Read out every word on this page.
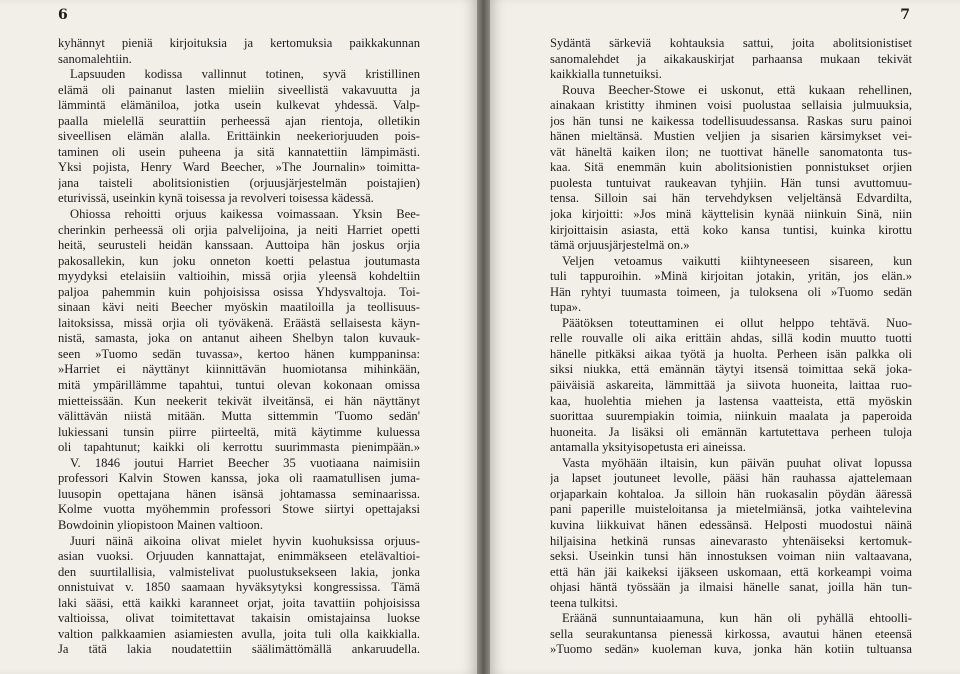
6
kyhännyt pieniä kirjoituksia ja kertomuksia paikkakunnan
sanomalehtiin.
Lapsuuden kodissa vallinnut totinen, syvä kristillinen
elämä oli painanut lasten mieliin siveellistä vakavuutta ja
lämmintä elämäniloa, jotka usein kulkevat yhdessä. Valp-
paalla mielellä seurattiin perheessä ajan rientoja, olletikin
siveellisen elämän alalla. Erittäinkin neekeriorjuuden pois-
taminen oli usein puheena ja sitä kannatettiin lämpimästi.
Yksi pojista, Henry Ward Beecher, »The Journalin» toimitta-
jana taisteli abolitsionistien (orjuusjärjestelmän poistajien)
eturivissä, useinkin kynä toisessa ja revolveri toisessa kädessä.
Ohiossa rehoitti orjuus kaikessa voimassaan. Yksin Bee-
cherinkin perheessä oli orjia palvelijoina, ja neiti Harriet opetti
heitä, seurusteli heidän kanssaan. Auttoipa hän joskus orjia
pakosallekin, kun joku onneton koetti pelastua joutumasta
myydyksi etelaisiin valtioihin, missä orjia yleensä kohdeltiin
paljoa pahemmin kuin pohjoisissa osissa Yhdysvaltoja. Toi-
sinaan kävi neiti Beecher myöskin maatiloilla ja teollisuus-
laitoksissa, missä orjia oli työväkenä. Eräästä sellaisesta käyn-
nistä, samasta, joka on antanut aiheen Shelbyn talon kuvauk-
seen »Tuomo sedän tuvassa», kertoo hänen kumppaninsa:
»Harriet ei näyttänyt kiinnittävän huomiotansa mihinkään,
mitä ympärillämme tapahtui, tuntui olevan kokonaan omissa
mietteissään. Kun neekerit tekivät ilveitänsä, ei hän näyttänyt
välittävän niistä mitään. Mutta sittemmin 'Tuomo sedän'
lukiessani tunsin piirre piirteeltä, mitä käytimme kuluessa
oli tapahtunut; kaikki oli kerrottu suurimmasta pienimpään.»
V. 1846 joutui Harriet Beecher 35 vuotiaana naimisiin
professori Kalvin Stowen kanssa, joka oli raamatullisen juma-
luusopin opettajana hänen isänsä johtamassa seminaarissa.
Kolme vuotta myöhemmin professori Stowe siirtyi opettajaksi
Bowdoinin yliopistoon Mainen valtioon.
Juuri näinä aikoina olivat mielet hyvin kuohuksissa orjuus-
asian vuoksi. Orjuuden kannattajat, enimmäkseen etelävaltioi-
den suurtilallisia, valmistelivat puolustuksekseen lakia, jonka
onnistuivat v. 1850 saamaan hyväksytyksi kongressissa. Tämä
laki sääsi, että kaikki karanneet orjat, joita tavattiin pohjoisissa
valtioissa, olivat toimitettavat takaisin omistajainsa luokse
valtion palkkaamien asiamiesten avulla, joita tuli olla kaikkialla.
Ja tätä lakia noudatettiin säälimättömällä ankaruudella.
7
Sydäntä särkeviä kohtauksia sattui, joita abolitsionistiset
sanomalehdet ja aikakauskirjat parhaansa mukaan tekivät
kaikkialla tunnetuiksi.
Rouva Beecher-Stowe ei uskonut, että kukaan rehellinen,
ainakaan kristitty ihminen voisi puolustaa sellaisia julmuuksia,
jos hän tunsi ne kaikessa todellisuudessansa. Raskas suru painoi
hänen mieltänsä. Mustien veljien ja sisarien kärsimykset vei-
vät häneltä kaiken ilon; ne tuottivat hänelle sanomatonta tus-
kaa. Sitä enemmän kuin abolitsionistien ponnistukset orjien
puolesta tuntuivat raukeavan tyhjiin. Hän tunsi avuttomuu-
tensa. Silloin sai hän tervehdyksen veljeltänsä Edvardilta,
joka kirjoitti: »Jos minä käyttelisin kynää niinkuin Sinä, niin
kirjoittaisin asiasta, että koko kansa tuntisi, kuinka kirottu
tämä orjuusjärjestelmä on.»
Veljen vetoamus vaikutti kiihtyneeseen sisareen, kun
tuli tappuroihin. »Minä kirjoitan jotakin, yritän, jos elän.»
Hän ryhtyi tuumasta toimeen, ja tuloksena oli »Tuomo sedän
tupa».
Päätöksen toteuttaminen ei ollut helppo tehtävä. Nuo-
relle rouvalle oli aika erittäin ahdas, sillä kodin muutto tuotti
hänelle pitkäksi aikaa työtä ja huolta. Perheen isän palkka oli
siksi niukka, että emännän täytyi itsensä toimittaa sekä joka-
päiväisiä askareita, lämmittää ja siivota huoneita, laittaa ruo-
kaa, huolehtia miehen ja lastensa vaatteista, että myöskin
suorittaa suurempiakin toimia, niinkuin maalata ja paperoida
huoneita. Ja lisäksi oli emännän kartutettava perheen tuloja
antamalla yksityisopetusta eri aineissa.
Vasta myöhään iltaisin, kun päivän puuhat olivat lopussa
ja lapset joutuneet levolle, pääsi hän rauhassa ajattelemaan
orjaparkain kohtaloa. Ja silloin hän ruokasalin pöydän ääressä
pani paperille muisteloitansa ja mietelmiänsä, jotka vaihtelevina
kuvina liikkuivat hänen edessänsä. Helposti muodostui näinä
hiljaisina hetkinä runsas ainevarasto yhtenäiseksi kertomuk-
seksi. Useinkin tunsi hän innostuksen voiman niin valtaavana,
että hän jäi kaikeksi ijäkseen uskomaan, että korkeampi voima
ohjasi häntä työssään ja ilmaisi hänelle sanat, joilla hän tun-
teena tulkitsi.
Eräänä sunnuntaiaamuna, kun hän oli pyhällä ehtoolli-
sella seurakuntansa pienessä kirkossa, avautui hänen eteensä
»Tuomo sedän» kuoleman kuva, jonka hän kotiin tultuansa
